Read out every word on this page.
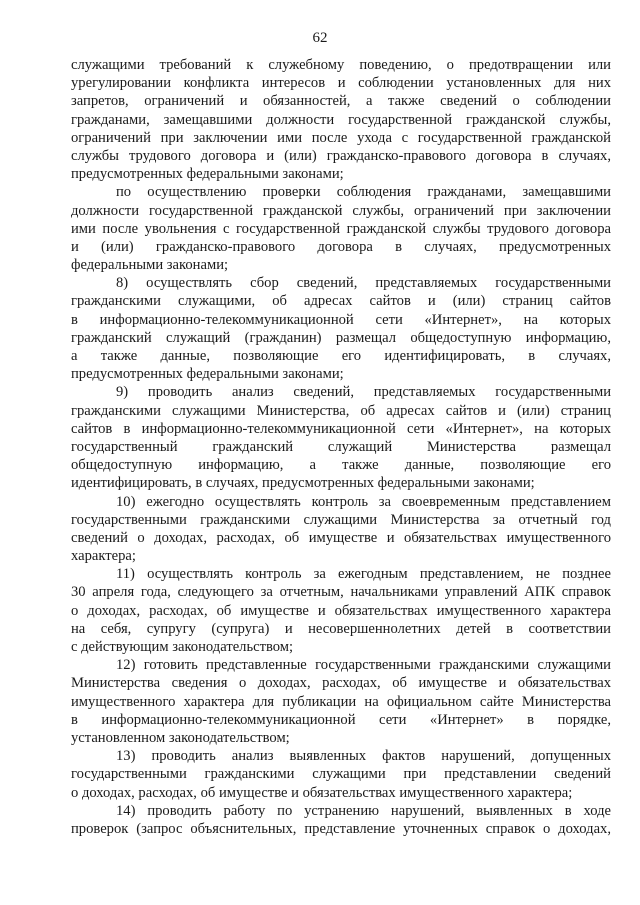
62
служащими требований к служебному поведению, о предотвращении или
урегулировании конфликта интересов и соблюдении установленных для них
запретов, ограничений и обязанностей, а также сведений о соблюдении
гражданами, замещавшими должности государственной гражданской службы,
ограничений при заключении ими после ухода с государственной гражданской
службы трудового договора и (или) гражданско-правового договора в случаях,
предусмотренных федеральными законами;
по осуществлению проверки соблюдения гражданами, замещавшими
должности государственной гражданской службы, ограничений при заключении
ими после увольнения с государственной гражданской службы трудового договора
и (или) гражданско-правового договора в случаях, предусмотренных
федеральными законами;
8) осуществлять сбор сведений, представляемых государственными
гражданскими служащими, об адресах сайтов и (или) страниц сайтов
в информационно-телекоммуникационной сети «Интернет», на которых
гражданский служащий (гражданин) размещал общедоступную информацию,
а также данные, позволяющие его идентифицировать, в случаях,
предусмотренных федеральными законами;
9) проводить анализ сведений, представляемых государственными
гражданскими служащими Министерства, об адресах сайтов и (или) страниц
сайтов в информационно-телекоммуникационной сети «Интернет», на которых
государственный гражданский служащий Министерства размещал
общедоступную информацию, а также данные, позволяющие его
идентифицировать, в случаях, предусмотренных федеральными законами;
10) ежегодно осуществлять контроль за своевременным представлением
государственными гражданскими служащими Министерства за отчетный год
сведений о доходах, расходах, об имуществе и обязательствах имущественного
характера;
11) осуществлять контроль за ежегодным представлением, не позднее
30 апреля года, следующего за отчетным, начальниками управлений АПК справок
о доходах, расходах, об имуществе и обязательствах имущественного характера
на себя, супругу (супруга) и несовершеннолетних детей в соответствии
с действующим законодательством;
12) готовить представленные государственными гражданскими служащими
Министерства сведения о доходах, расходах, об имуществе и обязательствах
имущественного характера для публикации на официальном сайте Министерства
в информационно-телекоммуникационной сети «Интернет» в порядке,
установленном законодательством;
13) проводить анализ выявленных фактов нарушений, допущенных
государственными гражданскими служащими при представлении сведений
о доходах, расходах, об имуществе и обязательствах имущественного характера;
14) проводить работу по устранению нарушений, выявленных в ходе
проверок (запрос объяснительных, представление уточненных справок о доходах,
